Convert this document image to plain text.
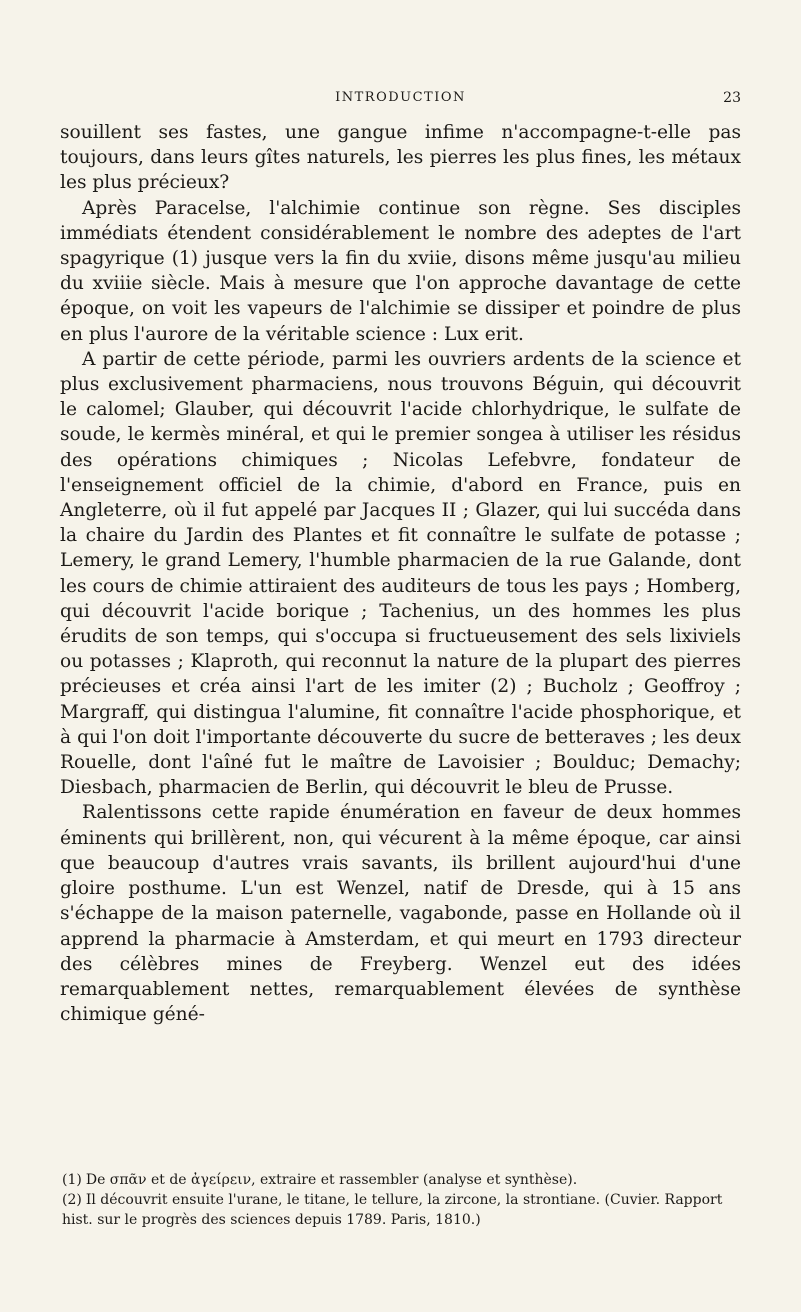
INTRODUCTION	23

souillent ses fastes, une gangue infime n'accompagne-t-elle pas toujours, dans leurs gîtes naturels, les pierres les plus fines, les métaux les plus précieux?

Après Paracelse, l'alchimie continue son règne. Ses disciples immédiats étendent considérablement le nombre des adeptes de l'art spagyrique (1) jusque vers la fin du xviie, disons même jusqu'au milieu du xviiie siècle. Mais à mesure que l'on approche davantage de cette époque, on voit les vapeurs de l'alchimie se dissiper et poindre de plus en plus l'aurore de la véritable science : Lux erit.

A partir de cette période, parmi les ouvriers ardents de la science et plus exclusivement pharmaciens, nous trouvons Béguin, qui découvrit le calomel; Glauber, qui découvrit l'acide chlorhydrique, le sulfate de soude, le kermès minéral, et qui le premier songea à utiliser les résidus des opérations chimiques ; Nicolas Lefebvre, fondateur de l'enseignement officiel de la chimie, d'abord en France, puis en Angleterre, où il fut appelé par Jacques II ; Glazer, qui lui succéda dans la chaire du Jardin des Plantes et fit connaître le sulfate de potasse ; Lemery, le grand Lemery, l'humble pharmacien de la rue Galande, dont les cours de chimie attiraient des auditeurs de tous les pays ; Homberg, qui découvrit l'acide borique ; Tachenius, un des hommes les plus érudits de son temps, qui s'occupa si fructueusement des sels lixiviels ou potasses ; Klaproth, qui reconnut la nature de la plupart des pierres précieuses et créa ainsi l'art de les imiter (2) ; Bucholz ; Geoffroy ; Margraff, qui distingua l'alumine, fit connaître l'acide phosphorique, et à qui l'on doit l'importante découverte du sucre de betteraves ; les deux Rouelle, dont l'aîné fut le maître de Lavoisier ; Boulduc; Demachy; Diesbach, pharmacien de Berlin, qui découvrit le bleu de Prusse.

Ralentissons cette rapide énumération en faveur de deux hommes éminents qui brillèrent, non, qui vécurent à la même époque, car ainsi que beaucoup d'autres vrais savants, ils brillent aujourd'hui d'une gloire posthume. L'un est Wenzel, natif de Dresde, qui à 15 ans s'échappe de la maison paternelle, vagabonde, passe en Hollande où il apprend la pharmacie à Amsterdam, et qui meurt en 1793 directeur des célèbres mines de Freyberg. Wenzel eut des idées remarquablement nettes, remarquablement élevées de synthèse chimique géné-

(1) De σπᾶν et de ἀγείρειν, extraire et rassembler (analyse et synthèse).

(2) Il découvrit ensuite l'urane, le titane, le tellure, la zircone, la strontiane. (Cuvier. Rapport hist. sur le progrès des sciences depuis 1789. Paris, 1810.)
